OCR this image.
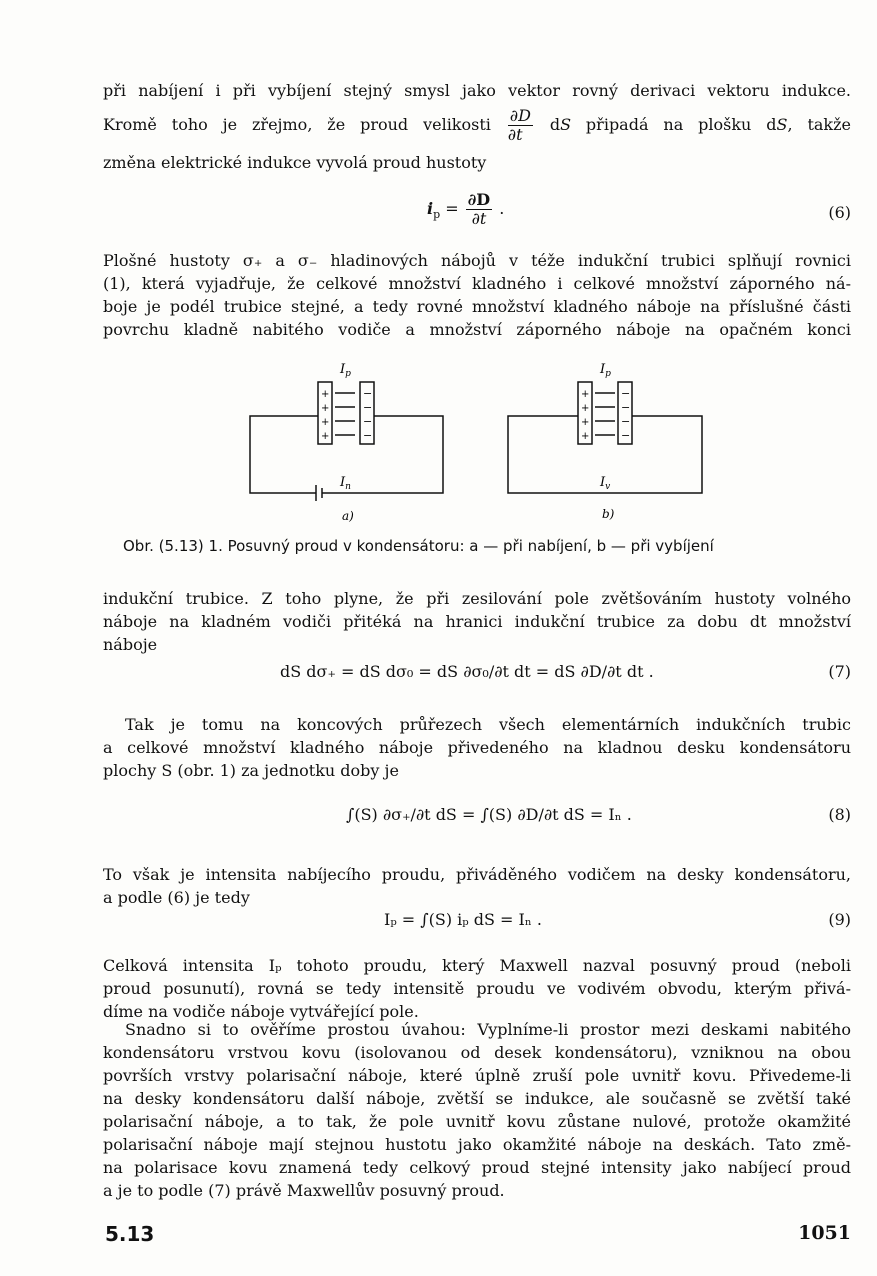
při nabíjení i při vybíjení stejný smysl jako vektor rovný derivaci vektoru indukce.
Kromě toho je zřejmo, že proud velikosti $\frac{\partial D}{\partial t}$ dS připadá na plošku dS, takže
změna elektrické indukce vyvolá proud hustoty
$i_p = \frac{\partial D}{\partial t}$ .	(6)
Plošné hustoty σ₊ a σ₋ hladinových nábojů v téže indukční trubici splňují rovnici
(1), která vyjadřuje, že celkové množství kladného i celkové množství záporného ná-
boje je podél trubice stejné, a tedy rovné množství kladného náboje na příslušné části
povrchu kladně nabitého vodiče a množství záporného náboje na opačném konci
$I_p$
$I_n$
a)
+
+
+
+
−
−
−
−
$I_p$
$I_v$
b)
+
+
+
+
−
−
−
−
Obr. (5.13) 1. Posuvný proud v kondensátoru: a — při nabíjení, b — při vybíjení
indukční trubice. Z toho plyne, že při zesilování pole zvětšováním hustoty volného
náboje na kladném vodiči přitéká na hranici indukční trubice za dobu dt množství
náboje
dS dσ₊ = dS dσ₀ = dS ∂σ₀/∂t dt = dS ∂D/∂t dt .	(7)
Tak je tomu na koncových průřezech všech elementárních indukčních trubic
a celkové množství kladného náboje přivedeného na kladnou desku kondensátoru
plochy S (obr. 1) za jednotku doby je
∫(S) ∂σ₊/∂t dS = ∫(S) ∂D/∂t dS = Iₙ .	(8)
To však je intensita nabíjecího proudu, přiváděného vodičem na desky kondensátoru,
a podle (6) je tedy
Iₚ = ∫(S) iₚ dS = Iₙ .	(9)
Celková intensita Iₚ tohoto proudu, který Maxwell nazval posuvný proud (neboli
proud posunutí), rovná se tedy intensitě proudu ve vodivém obvodu, kterým přivá-
díme na vodiče náboje vytvářející pole.
Snadno si to ověříme prostou úvahou: Vyplníme-li prostor mezi deskami nabitého
kondensátoru vrstvou kovu (isolovanou od desek kondensátoru), vzniknou na obou
površích vrstvy polarisační náboje, které úplně zruší pole uvnitř kovu. Přivedeme-li
na desky kondensátoru další náboje, zvětší se indukce, ale současně se zvětší také
polarisační náboje, a to tak, že pole uvnitř kovu zůstane nulové, protože okamžité
polarisační náboje mají stejnou hustotu jako okamžité náboje na deskách. Tato změ-
na polarisace kovu znamená tedy celkový proud stejné intensity jako nabíjecí proud
a je to podle (7) právě Maxwellův posuvný proud.
5.13	1051
